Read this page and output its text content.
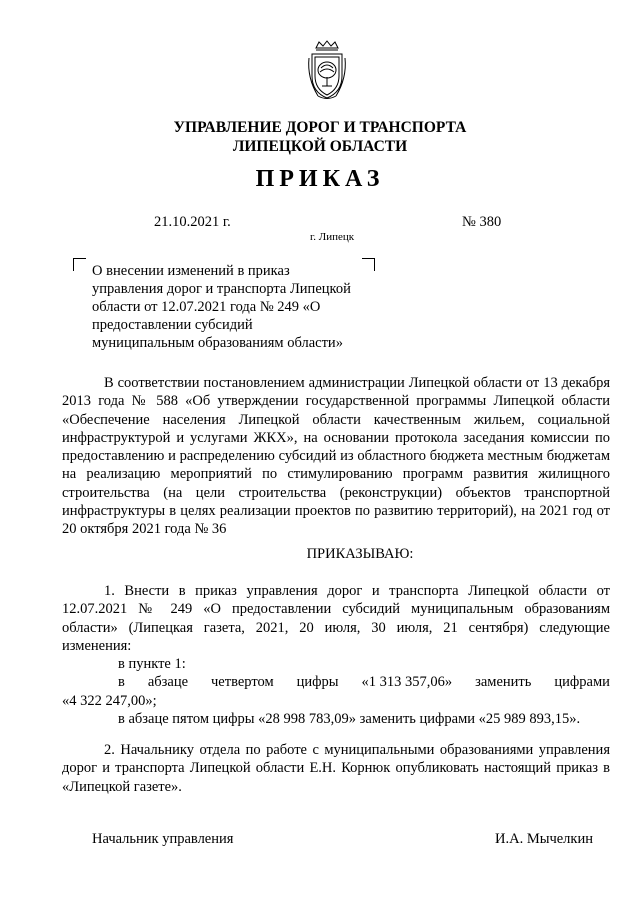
УПРАВЛЕНИЕ ДОРОГ И ТРАНСПОРТА
ЛИПЕЦКОЙ ОБЛАСТИ
ПРИКАЗ
21.10.2021 г.	№ 380
г. Липецк
О внесении изменений в приказ
управления дорог и транспорта Липецкой
области от 12.07.2021 года № 249 «О
предоставлении субсидий
муниципальным образованиям области»

В соответствии постановлением администрации Липецкой области от 13 декабря 2013 года № 588 «Об утверждении государственной программы Липецкой области «Обеспечение населения Липецкой области качественным жильем, социальной инфраструктурой и услугами ЖКХ», на основании протокола заседания комиссии по предоставлению и распределению субсидий из областного бюджета местным бюджетам на реализацию мероприятий по стимулированию программ развития жилищного строительства (на цели строительства (реконструкции) объектов транспортной инфраструктуры в целях реализации проектов по развитию территорий), на 2021 год от 20 октября 2021 года № 36

ПРИКАЗЫВАЮ:

1. Внести в приказ управления дорог и транспорта Липецкой области от 12.07.2021 № 249 «О предоставлении субсидий муниципальным образованиям области» (Липецкая газета, 2021, 20 июля, 30 июля, 21 сентября) следующие изменения:

в пункте 1:

в абзаце четвертом цифры «1 313 357,06» заменить цифрами

«4 322 247,00»;

в абзаце пятом цифры «28 998 783,09» заменить цифрами «25 989 893,15».

2. Начальнику отдела по работе с муниципальными образованиями управления дорог и транспорта Липецкой области Е.Н. Корнюк опубликовать настоящий приказ в «Липецкой газете».

Начальник управления	И.А. Мычелкин
